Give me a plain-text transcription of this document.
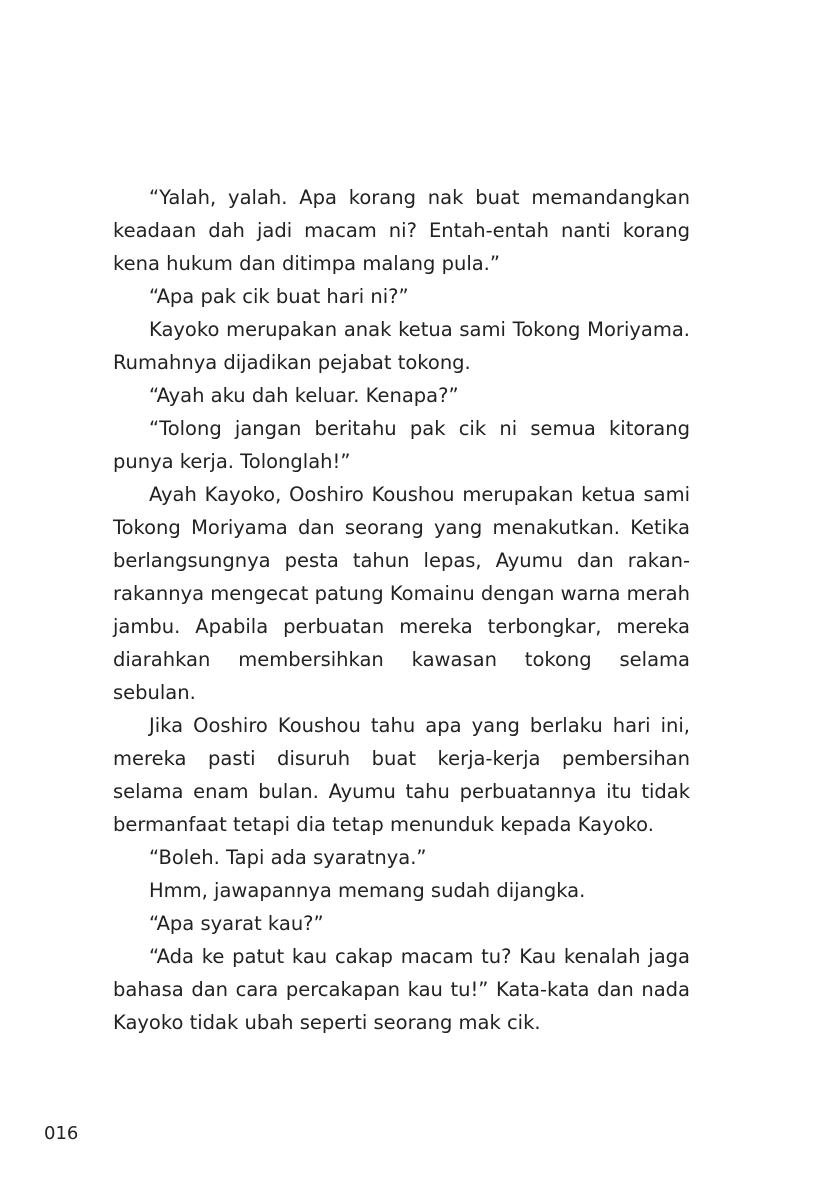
“Yalah, yalah. Apa korang nak buat memandangkan keadaan dah jadi macam ni? Entah-entah nanti korang kena hukum dan ditimpa malang pula.”

“Apa pak cik buat hari ni?”

Kayoko merupakan anak ketua sami Tokong Moriyama. Rumahnya dijadikan pejabat tokong.

“Ayah aku dah keluar. Kenapa?”

“Tolong jangan beritahu pak cik ni semua kitorang punya kerja. Tolonglah!”

Ayah Kayoko, Ooshiro Koushou merupakan ketua sami Tokong Moriyama dan seorang yang menakutkan. Ketika berlangsungnya pesta tahun lepas, Ayumu dan rakan-rakannya mengecat patung Komainu dengan warna merah jambu. Apabila perbuatan mereka terbongkar, mereka diarahkan membersihkan kawasan tokong selama sebulan.

Jika Ooshiro Koushou tahu apa yang berlaku hari ini, mereka pasti disuruh buat kerja-kerja pembersihan selama enam bulan. Ayumu tahu perbuatannya itu tidak bermanfaat tetapi dia tetap menunduk kepada Kayoko.

“Boleh. Tapi ada syaratnya.”

Hmm, jawapannya memang sudah dijangka.

“Apa syarat kau?”

“Ada ke patut kau cakap macam tu? Kau kenalah jaga bahasa dan cara percakapan kau tu!” Kata-kata dan nada Kayoko tidak ubah seperti seorang mak cik.

016
